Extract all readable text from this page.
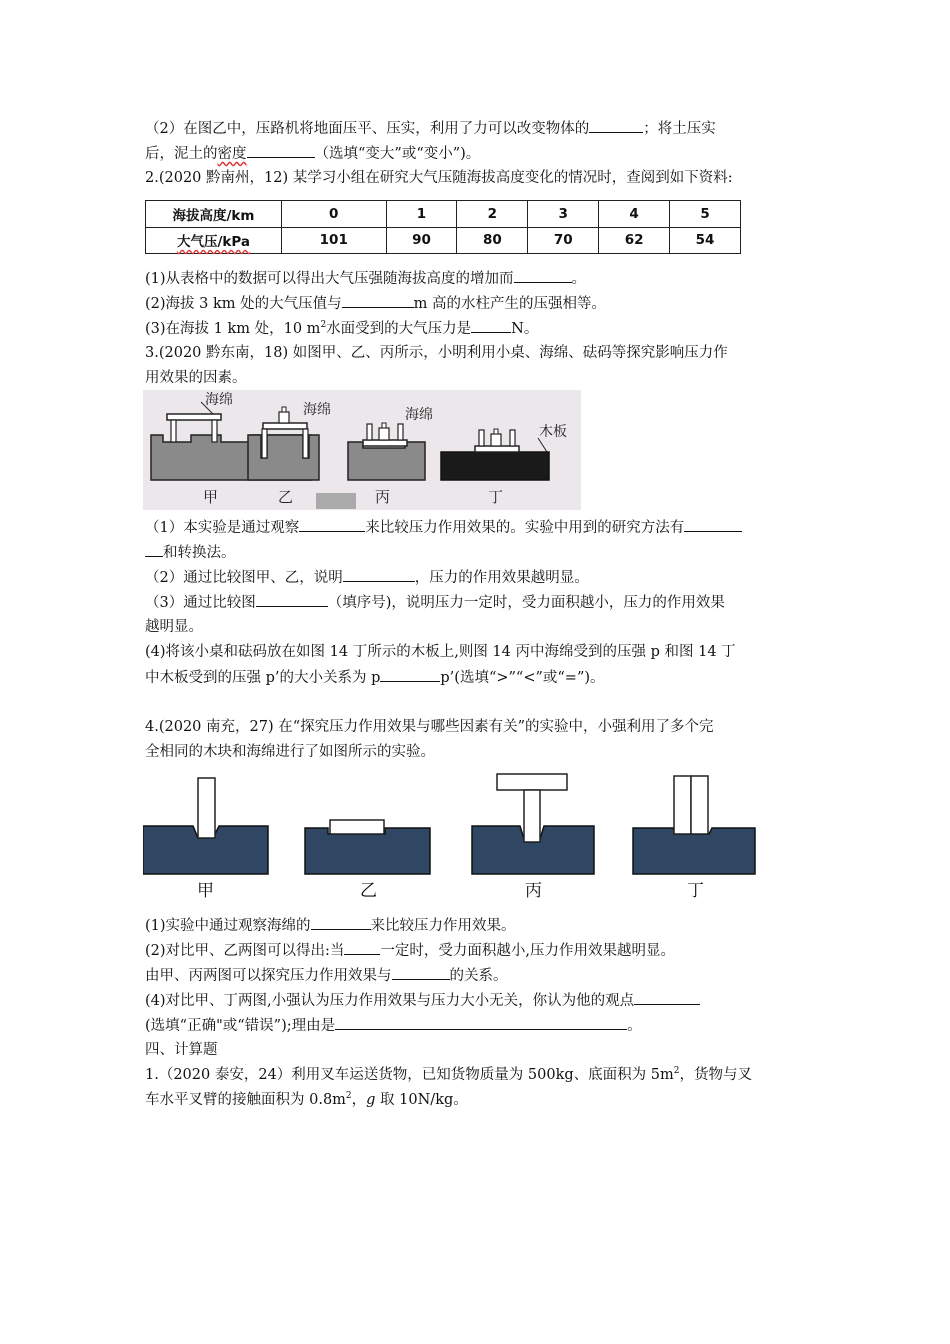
（2）在图乙中，压路机将地面压平、压实，利用了力可以改变物体的	；将土压实
后，泥土的密度	（选填“变大”或“变小”)。
2.(2020 黔南州，12) 某学习小组在研究大气压随海拔高度变化的情况时，查阅到如下资料:
海拔高度/km	0	1	2	3	4	5
大气压/kPa	101	90	80	70	62	54
(1)从表格中的数据可以得出大气压强随海拔高度的增加而	。
(2)海拔 3 km 处的大气压值与	m 高的水柱产生的压强相等。
(3)在海拔 1 km 处，10 $m^2$水面受到的大气压力是	N。
3.(2020 黔东南，18) 如图甲、乙、丙所示，小明利用小桌、海绵、砝码等探究影响压力作
用效果的因素。
海绵
甲
海绵
乙
海绵
丙
木板
丁
（1）本实验是通过观察	来比较压力作用效果的。实验中用到的研究方法有
和转换法。
（2）通过比较图甲、乙，说明	，压力的作用效果越明显。
（3）通过比较图	（填序号)，说明压力一定时，受力面积越小，压力的作用效果
越明显。
(4)将该小桌和砝码放在如图 14 丁所示的木板上,则图 14 丙中海绵受到的压强 p 和图 14 丁
中木板受到的压强 p’的大小关系为 p	p’(选填“>”“<”或“=”)。
4.(2020 南充，27) 在“探究压力作用效果与哪些因素有关”的实验中，小强利用了多个完
全相同的木块和海绵进行了如图所示的实验。
甲	乙	丙	丁
(1)实验中通过观察海绵的	来比较压力作用效果。
(2)对比甲、乙两图可以得出:当 一定时，受力面积越小,压力作用效果越明显。
由甲、丙两图可以探究压力作用效果与	的关系。
(4)对比甲、丁两图,小强认为压力作用效果与压力大小无关，你认为他的观点
(选填“正确"或“错误”);理由是	。
四、计算题
1.（2020 泰安，24）利用叉车运送货物，已知货物质量为 500kg、底面积为 $5m^2$，货物与叉
车水平叉臂的接触面积为 $0.8m^2$，g 取 10N/kg。
